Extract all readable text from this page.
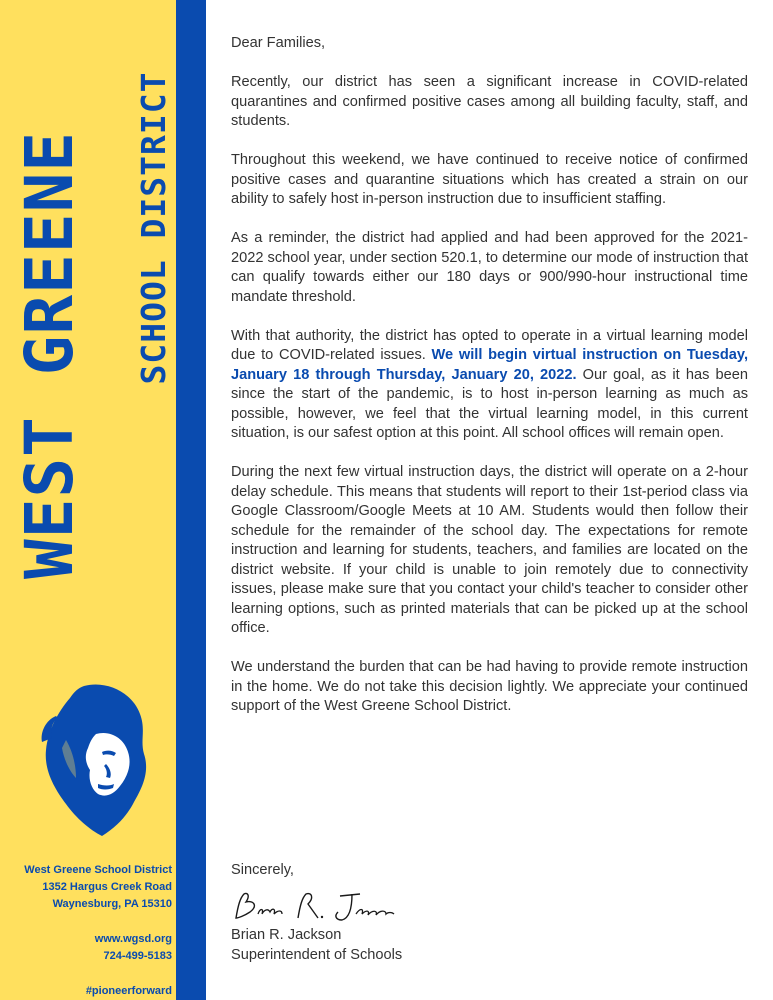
WEST GREENE SCHOOL DISTRICT
West Greene School District
1352 Hargus Creek Road
Waynesburg, PA 15310
www.wgsd.org
724-499-5183
#pioneerforward

Dear Families,

Recently, our district has seen a significant increase in COVID-related quarantines and confirmed positive cases among all building faculty, staff, and students.

Throughout this weekend, we have continued to receive notice of confirmed positive cases and quarantine situations which has created a strain on our ability to safely host in-person instruction due to insufficient staffing.

As a reminder, the district had applied and had been approved for the 2021-2022 school year, under section 520.1, to determine our mode of instruction that can qualify towards either our 180 days or 900/990-hour instructional time mandate threshold.

With that authority, the district has opted to operate in a virtual learning model due to COVID-related issues. We will begin virtual instruction on Tuesday, January 18 through Thursday, January 20, 2022. Our goal, as it has been since the start of the pandemic, is to host in-person learning as much as possible, however, we feel that the virtual learning model, in this current situation, is our safest option at this point. All school offices will remain open.

During the next few virtual instruction days, the district will operate on a 2-hour delay schedule. This means that students will report to their 1st-period class via Google Classroom/Google Meets at 10 AM. Students would then follow their schedule for the remainder of the school day. The expectations for remote instruction and learning for students, teachers, and families are located on the district website. If your child is unable to join remotely due to connectivity issues, please make sure that you contact your child's teacher to consider other learning options, such as printed materials that can be picked up at the school office.

We understand the burden that can be had having to provide remote instruction in the home. We do not take this decision lightly. We appreciate your continued support of the West Greene School District.

Sincerely,
Brian R. Jackson
Superintendent of Schools
